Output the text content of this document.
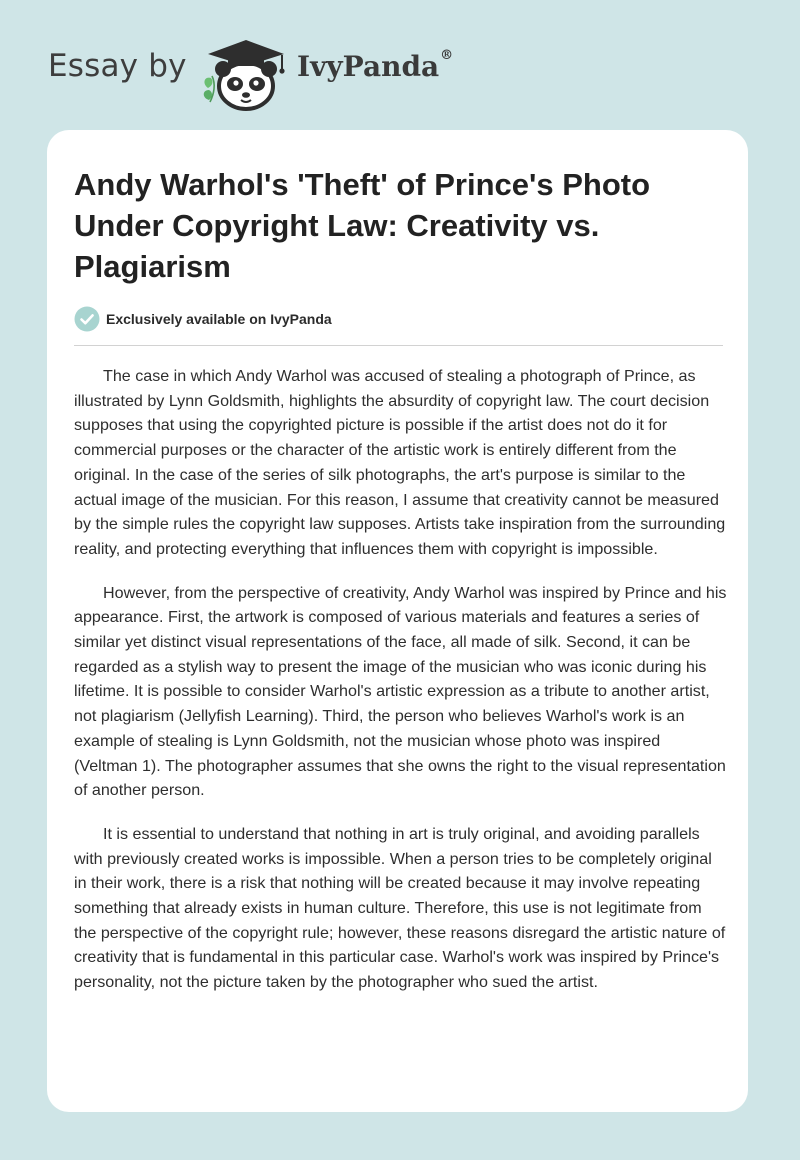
Essay by	IvyPanda®
Andy Warhol's 'Theft' of Prince's Photo Under Copyright Law: Creativity vs. Plagiarism
Exclusively available on IvyPanda

The case in which Andy Warhol was accused of stealing a photograph of Prince, as illustrated by Lynn Goldsmith, highlights the absurdity of copyright law. The court decision supposes that using the copyrighted picture is possible if the artist does not do it for commercial purposes or the character of the artistic work is entirely different from the original. In the case of the series of silk photographs, the art's purpose is similar to the actual image of the musician. For this reason, I assume that creativity cannot be measured by the simple rules the copyright law supposes. Artists take inspiration from the surrounding reality, and protecting everything that influences them with copyright is impossible.

However, from the perspective of creativity, Andy Warhol was inspired by Prince and his appearance. First, the artwork is composed of various materials and features a series of similar yet distinct visual representations of the face, all made of silk. Second, it can be regarded as a stylish way to present the image of the musician who was iconic during his lifetime. It is possible to consider Warhol's artistic expression as a tribute to another artist, not plagiarism (Jellyfish Learning). Third, the person who believes Warhol's work is an example of stealing is Lynn Goldsmith, not the musician whose photo was inspired (Veltman 1). The photographer assumes that she owns the right to the visual representation of another person.

It is essential to understand that nothing in art is truly original, and avoiding parallels with previously created works is impossible. When a person tries to be completely original in their work, there is a risk that nothing will be created because it may involve repeating something that already exists in human culture. Therefore, this use is not legitimate from the perspective of the copyright rule; however, these reasons disregard the artistic nature of creativity that is fundamental in this particular case. Warhol's work was inspired by Prince's personality, not the picture taken by the photographer who sued the artist.
